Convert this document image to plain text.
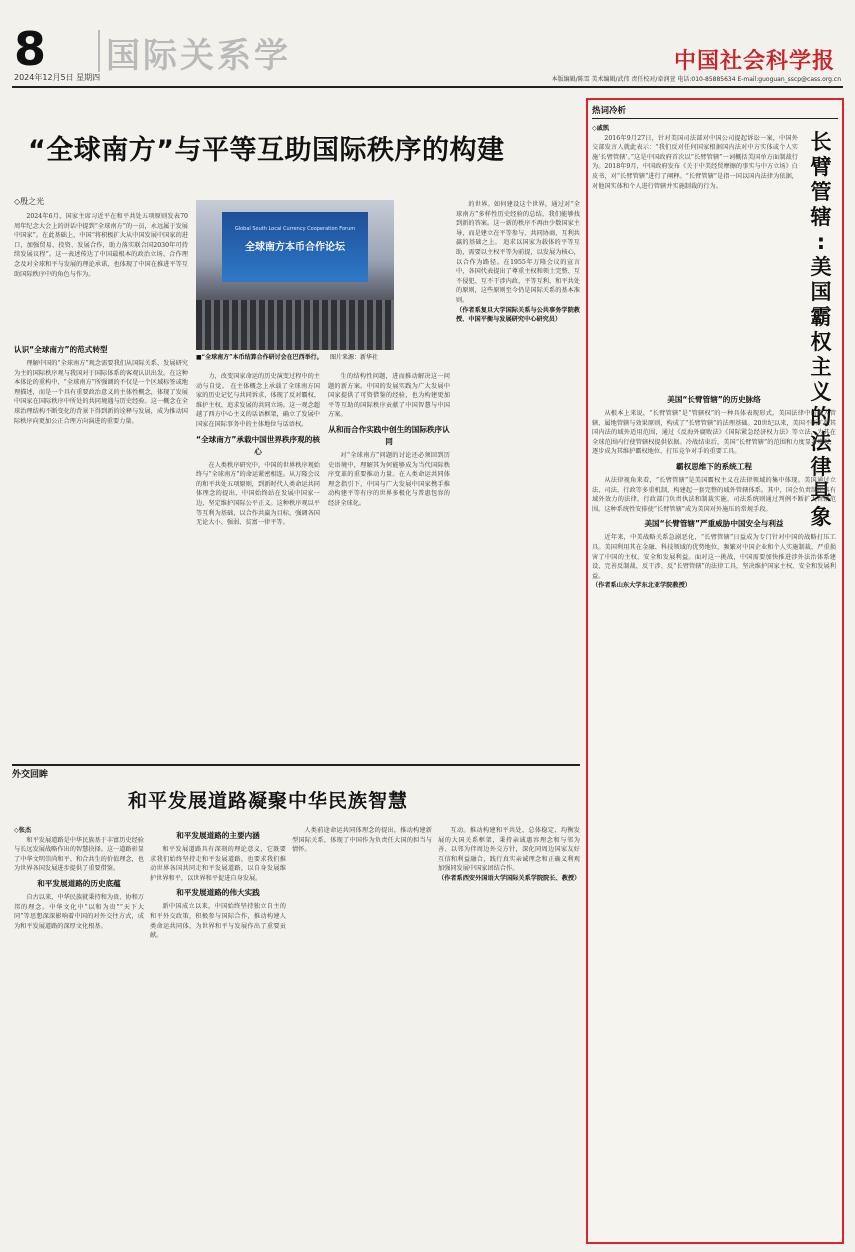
8
2024年12月5日 星期四
国际关系学	中国社会科学报
本版编辑/陈雪 美术编辑/武伟 责任校对/牵润萱 电话:010-85885634 E-mail:guoguan_sscp@cass.org.cn
“全球南方”与平等互助国际秩序的构建
◇殷之光

2024年6月，国家主席习近平在和平共处五项原则发表70周年纪念大会上的讲话中提到“全球南方”的一员，永远属于发展中国家”。在此基础上，中国“将积极扩大从中国发展中国家的进口，加强贸易、投资、发展合作，助力落实联合国2030年可持续发展议程”。这一表述传达了中国最根本的政治立场、合作理念及对全球和平与发展的理论承诺，也体现了中国在推进平等互助国际秩序中的角色与作为。

Global South Local Currency Cooperation Forum
全球南方本币合作论坛
■“全球南方”本币结算合作研讨会在巴西举行。	图片来源：新华社
认识“全球南方”的范式转型

理解中国的“全球南方”观念需要我们从国际关系、发展研究为主的国际秩序观与我国对于国际体系的客观认识出发。在这种本体论的重构中，“全球南方”所强调的不仅是一个区域标签或地理描述，而是一个具有重要政治意义的主体性概念，体现了发展中国家在国际秩序中所处的共同境遇与历史经验。这一概念在全球治理结构不断变化的背景下得到新的诠释与发展，成为推动国际秩序向更加公正合理方向演进的重要力量。

力，改变国家命运的历史演变过程中的主动与自觉。 在主体概念上承载了全球南方国家的历史记忆与共同诉求，体现了反对霸权、维护主权、追求发展的共同立场。这一观念超越了西方中心主义的话语框架，确立了发展中国家在国际事务中的主体地位与话语权。

“全球南方”承载中国世界秩序观的核心

在人类秩序研究中，中国的世界秩序观始终与“全球南方”的命运紧密相连。从万隆会议的和平共处五项原则，到新时代人类命运共同体理念的提出，中国始终站在发展中国家一边，坚定维护国际公平正义。这种秩序观以平等互利为基础，以合作共赢为目标，强调各国无论大小、强弱、贫富一律平等。

生的结构性问题，进而推动解决这一问题的新方案。中国的发展实践为广大发展中国家提供了可资借鉴的经验，也为构建更加平等互助的国际秩序贡献了中国智慧与中国方案。

从和而合作实践中创生的国际秩序认同

对“全球南方”问题的讨论还必须回到历史语境中，理解其为何能够成为当代国际秩序变革的重要推动力量。在人类命运共同体理念指引下，中国与广大发展中国家携手推动构建平等有序的世界多极化与普惠包容的经济全球化。

的世界。如何建设这个世界，通过对“全球南方”多样性历史经验的总结，我们能够找到新的答案。这一新的秩序不再由少数国家主导，而是建立在平等参与、共同协商、互利共赢的基础之上。 追求以国家为载体的平等互助，需要以主权平等为前提，以发展为核心，以合作为路径。在1955年万隆会议的宣言中，各国代表提出了尊重主权和领土完整、互不侵犯、互不干涉内政、平等互利、和平共处的原则，这些原则至今仍是国际关系的基本准则。

（作者系复旦大学国际关系与公共事务学院教授、中国平衡与发展研究中心研究员）

外交回眸
和平发展道路凝聚中华民族智慧

◇张杰

和平发展道路是中华民族基于丰富历史经验与长远发展战略作出的智慧抉择。这一道路彰显了中华文明崇尚和平、和合共生的价值理念，也为世界各国发展进步提供了重要借鉴。

和平发展道路的历史底蕴

自古以来，中华民族就秉持和为贵、协和万邦的理念。中华文化中“以和为贵”“天下大同”等思想深深影响着中国的对外交往方式，成为和平发展道路的深厚文化根基。

和平发展道路的主要内涵

和平发展道路具有深刻的理论意义，它既要求我们始终坚持走和平发展道路，也要求我们推动世界各国共同走和平发展道路，以自身发展维护世界和平，以世界和平促进自身发展。

和平发展道路的伟大实践

新中国成立以来，中国始终坚持独立自主的和平外交政策，积极参与国际合作，推动构建人类命运共同体，为世界和平与发展作出了重要贡献。

人类前途命运共同体理念的提出，推动构建新型国际关系，体现了中国作为负责任大国的担当与情怀。

互动。推动构建和平共处、总体稳定、均衡发展的大国关系框架，秉持亲诚惠容理念和与邻为善、以邻为伴周边外交方针，深化同周边国家友好互信和利益融合，践行真实亲诚理念和正确义利观加强同发展中国家团结合作。

（作者系西安外国语大学国际关系学院院长、教授）

热词冷析
长
臂
管
辖
:
美
国
霸
权
主
义
的
法
律
具
象

◇戚凯

2016年9月27日，针对美国司法部对中国公司提起诉讼一案，中国外交部发言人就此表示：“我们反对任何国家根据国内法对中方实体或个人实施‘长臂管辖’。”这是中国政府首次以“长臂管辖”一词概括美国单方面制裁行为。2018年9月，中国政府发布《关于中美经贸摩擦的事实与中方立场》白皮书，对“长臂管辖”进行了阐释。“长臂管辖”是指一国以国内法律为依据，对他国实体和个人进行管辖并实施制裁的行为。

美国“长臂管辖”的历史脉络

从根本上来说，“长臂管辖”是“管辖权”的一种具体表现形式。美国法律中的属人管辖、属地管辖与效果原则，构成了“长臂管辖”的法理基础。20世纪以来，美国不断扩张其国内法的域外适用范围，通过《反海外腐败法》《国际紧急经济权力法》等立法，为其在全球范围内行使管辖权提供依据。冷战结束后，美国“长臂管辖”的范围和力度显著增强，逐步成为其维护霸权地位、打压竞争对手的重要工具。

霸权思维下的系统工程

从法律视角来看，“长臂管辖”是美国霸权主义在法律领域的集中体现。美国通过立法、司法、行政等多重机制，构建起一套完整的域外管辖体系。其中，国会负责制定具有域外效力的法律，行政部门负责执法和制裁实施，司法系统则通过判例不断扩大管辖范围。这种系统性安排使“长臂管辖”成为美国对外施压的常规手段。

美国“长臂管辖”严重威胁中国安全与利益

近年来，中美战略关系急剧恶化，“长臂管辖”日益成为专门针对中国的战略打压工具。美国利用其在金融、科技领域的优势地位，频繁对中国企业和个人实施制裁，严重损害了中国的主权、安全和发展利益。面对这一挑战，中国需要加快推进涉外法治体系建设，完善反制裁、反干涉、反“长臂管辖”的法律工具，坚决维护国家主权、安全和发展利益。

（作者系山东大学东北亚学院教授）
